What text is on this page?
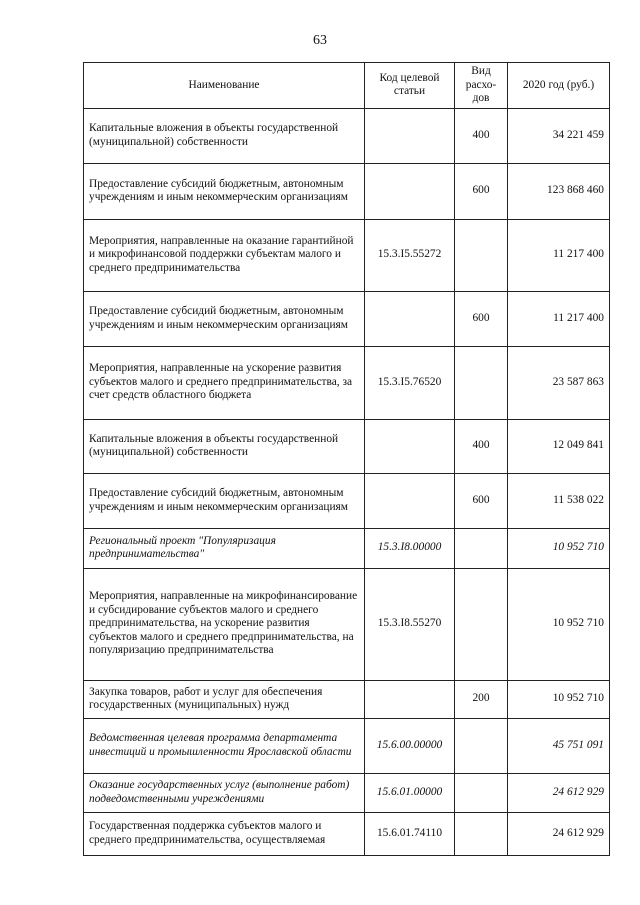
63
Наименование	Код целевой статьи	Вид расхо-дов	2020 год (руб.)
Капитальные вложения в объекты государственной (муниципальной) собственности		400	34 221 459
Предоставление субсидий бюджетным, автономным учреждениям и иным некоммерческим организациям		600	123 868 460
Мероприятия, направленные на оказание гарантийной и микрофинансовой поддержки субъектам малого и среднего предпринимательства	15.3.I5.55272		11 217 400
Предоставление субсидий бюджетным, автономным учреждениям и иным некоммерческим организациям		600	11 217 400
Мероприятия, направленные на ускорение развития субъектов малого и среднего предпринимательства, за счет средств областного бюджета	15.3.I5.76520		23 587 863
Капитальные вложения в объекты государственной (муниципальной) собственности		400	12 049 841
Предоставление субсидий бюджетным, автономным учреждениям и иным некоммерческим организациям		600	11 538 022
Региональный проект "Популяризация предпринимательства"	15.3.I8.00000		10 952 710
Мероприятия, направленные на микрофинансирование и субсидирование субъектов малого и среднего предпринимательства, на ускорение развития субъектов малого и среднего предпринимательства, на популяризацию предпринимательства	15.3.I8.55270		10 952 710
Закупка товаров, работ и услуг для обеспечения государственных (муниципальных) нужд		200	10 952 710
Ведомственная целевая программа департамента инвестиций и промышленности Ярославской области	15.6.00.00000		45 751 091
Оказание государственных услуг (выполнение работ) подведомственными учреждениями	15.6.01.00000		24 612 929
Государственная поддержка субъектов малого и среднего предпринимательства, осуществляемая	15.6.01.74110		24 612 929
